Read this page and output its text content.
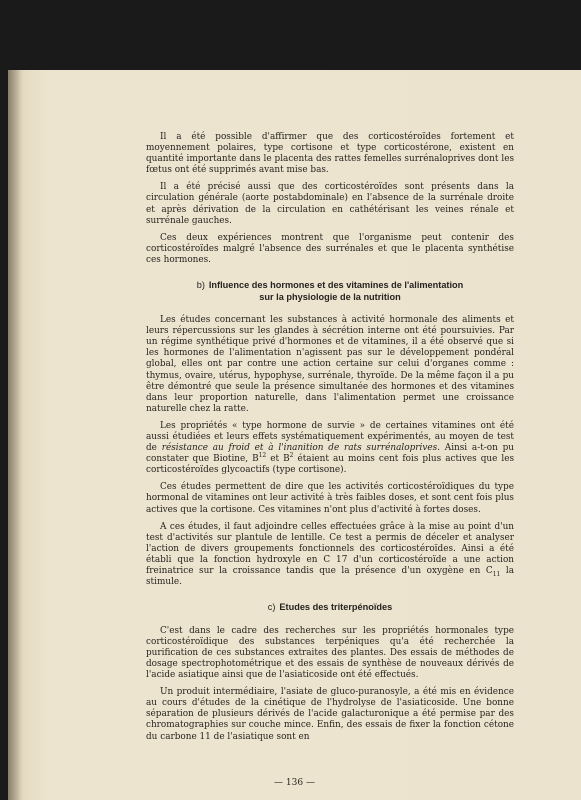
Il a été possible d'affirmer que des corticostéroïdes fortement et moyennement polaires, type cortisone et type corticostérone, existent en quantité importante dans le placenta des rattes femelles surrénaloprives dont les fœtus ont été supprimés avant mise bas.

Il a été précisé aussi que des corticostéroïdes sont présents dans la circulation générale (aorte postabdominale) en l'absence de la surrénale droite et après dérivation de la circulation en cathétérisant les veines rénale et surrénale gauches.

Ces deux expériences montrent que l'organisme peut contenir des corticostéroïdes malgré l'absence des surrénales et que le placenta synthétise ces hormones.

b) Influence des hormones et des vitamines de l'alimentation
sur la physiologie de la nutrition

Les études concernant les substances à activité hormonale des aliments et leurs répercussions sur les glandes à sécrétion interne ont été poursuivies. Par un régime synthétique privé d'hormones et de vitamines, il a été observé que si les hormones de l'alimentation n'agissent pas sur le développement pondéral global, elles ont par contre une action certaine sur celui d'organes comme : thymus, ovaire, utérus, hypophyse, surrénale, thyroïde. De la même façon il a pu être démontré que seule la présence simultanée des hormones et des vitamines dans leur proportion naturelle, dans l'alimentation permet une croissance naturelle chez la ratte.

Les propriétés « type hormone de survie » de certaines vitamines ont été aussi étudiées et leurs effets systématiquement expérimentés, au moyen de test de résistance au froid et à l'inanition de rats surrénaloprives. Ainsi a-t-on pu constater que Biotine, $B^{12}$ et $B^2$ étaient au moins cent fois plus actives que les corticostéroïdes glycoactifs (type cortisone).

Ces études permettent de dire que les activités corticostéroïdiques du type hormonal de vitamines ont leur activité à très faibles doses, et sont cent fois plus actives que la cortisone. Ces vitamines n'ont plus d'activité à fortes doses.

A ces études, il faut adjoindre celles effectuées grâce à la mise au point d'un test d'activités sur plantule de lentille. Ce test a permis de déceler et analyser l'action de divers groupements fonctionnels des corticostéroïdes. Ainsi a été établi que la fonction hydroxyle en C 17 d'un corticostéroïde a une action freinatrice sur la croissance tandis que la présence d'un oxygène en $C_{11}$ la stimule.

c) Etudes des triterpénoïdes

C'est dans le cadre des recherches sur les propriétés hormonales type corticostéroïdique des substances terpéniques qu'a été recherchée la purification de ces substances extraites des plantes. Des essais de méthodes de dosage spectrophotométrique et des essais de synthèse de nouveaux dérivés de l'acide asiatique ainsi que de l'asiaticoside ont été effectués.

Un produit intermédiaire, l'asiate de gluco-puranosyle, a été mis en évidence au cours d'études de la cinétique de l'hydrolyse de l'asiaticoside. Une bonne séparation de plusieurs dérivés de l'acide galacturonique a été permise par des chromatographies sur couche mince. Enfin, des essais de fixer la fonction cétone du carbone 11 de l'asiatique sont en

— 136 —
